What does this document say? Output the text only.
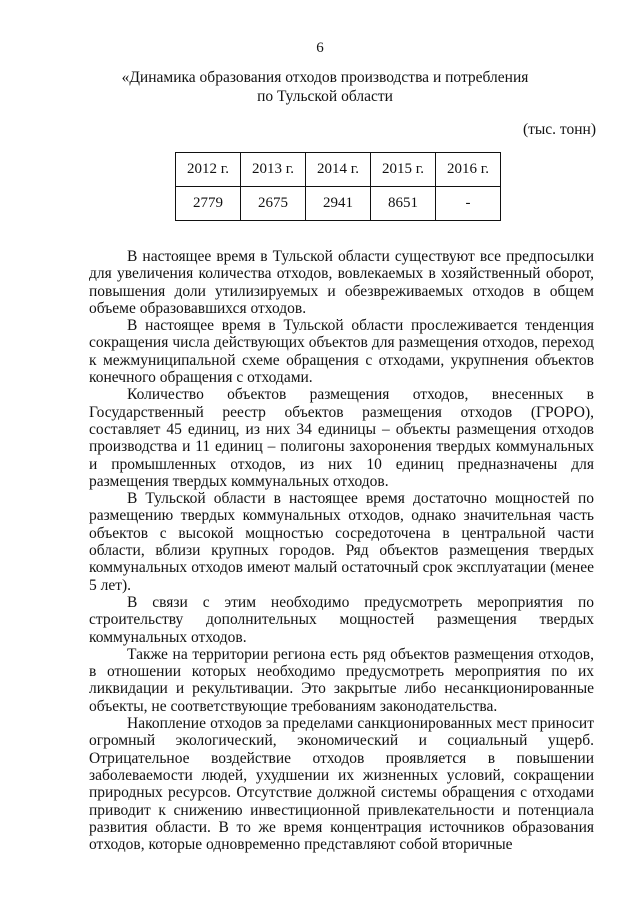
6
«Динамика образования отходов производства и потребления
по Тульской области
(тыс. тонн)
2012 г.	2013 г.	2014 г.	2015 г.	2016 г.
2779	2675	2941	8651	-

В настоящее время в Тульской области существуют все предпосылки для увеличения количества отходов, вовлекаемых в хозяйственный оборот, повышения доли утилизируемых и обезвреживаемых отходов в общем объеме образовавшихся отходов.

В настоящее время в Тульской области прослеживается тенденция сокращения числа действующих объектов для размещения отходов, переход к межмуниципальной схеме обращения с отходами, укрупнения объектов конечного обращения с отходами.

Количество объектов размещения отходов, внесенных в Государственный реестр объектов размещения отходов (ГРОРО), составляет 45 единиц, из них 34 единицы – объекты размещения отходов производства и 11 единиц – полигоны захоронения твердых коммунальных и промышленных отходов, из них 10 единиц предназначены для размещения твердых коммунальных отходов.

В Тульской области в настоящее время достаточно мощностей по размещению твердых коммунальных отходов, однако значительная часть объектов с высокой мощностью сосредоточена в центральной части области, вблизи крупных городов. Ряд объектов размещения твердых коммунальных отходов имеют малый остаточный срок эксплуатации (менее 5 лет).

В связи с этим необходимо предусмотреть мероприятия по строительству дополнительных мощностей размещения твердых коммунальных отходов.

Также на территории региона есть ряд объектов размещения отходов, в отношении которых необходимо предусмотреть мероприятия по их ликвидации и рекультивации. Это закрытые либо несанкционированные объекты, не соответствующие требованиям законодательства.

Накопление отходов за пределами санкционированных мест приносит огромный экологический, экономический и социальный ущерб. Отрицательное воздействие отходов проявляется в повышении заболеваемости людей, ухудшении их жизненных условий, сокращении природных ресурсов. Отсутствие должной системы обращения с отходами приводит к снижению инвестиционной привлекательности и потенциала развития области. В то же время концентрация источников образования отходов, которые одновременно представляют собой вторичные
